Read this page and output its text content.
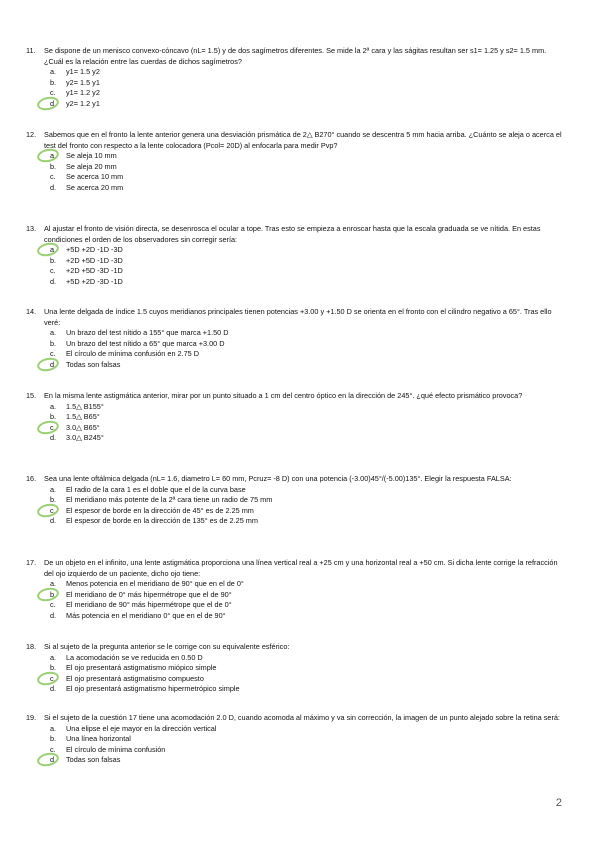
11.	Se dispone de un menisco convexo-cóncavo (nL= 1.5) y de dos sagímetros diferentes. Se mide la 2ª cara y las ságitas resultan ser s1= 1.25 y s2= 1.5 mm. ¿Cuál es la relación entre las cuerdas de dichos sagímetros?
a.	y1= 1.5 y2
b.	y2= 1.5 y1
c.	y1= 1.2 y2
d.	y2= 1.2 y1
12.	Sabemos que en el fronto la lente anterior genera una desviación prismática de 2△ B270° cuando se descentra 5 mm hacia arriba. ¿Cuánto se aleja o acerca el test del fronto con respecto a la lente colocadora (Pcol= 20D) al enfocarla para medir Pvp?
a.	Se aleja 10 mm
b.	Se aleja 20 mm
c.	Se acerca 10 mm
d.	Se acerca 20 mm
13.	Al ajustar el fronto de visión directa, se desenrosca el ocular a tope. Tras esto se empieza a enroscar hasta que la escala graduada se ve nítida. En estas condiciones el orden de los observadores sin corregir sería:
a.	+5D +2D -1D -3D
b.	+2D +5D -1D -3D
c.	+2D +5D -3D -1D
d.	+5D +2D -3D -1D
14.	Una lente delgada de índice 1.5 cuyos meridianos principales tienen potencias +3.00 y +1.50 D se orienta en el fronto con el cilindro negativo a 65°. Tras ello veré:
a.	Un brazo del test nítido a 155° que marca +1.50 D
b.	Un brazo del test nítido a 65° que marca +3.00 D
c.	El círculo de mínima confusión en 2.75 D
d.	Todas son falsas
15.	En la misma lente astigmática anterior, mirar por un punto situado a 1 cm del centro óptico en la dirección de 245°. ¿qué efecto prismático provoca?
a.	1.5△ B155°
b.	1.5△ B65°
c.	3.0△ B65°
d.	3.0△ B245°
16.	Sea una lente oftálmica delgada (nL= 1.6, diametro L= 60 mm, Pcruz= -8 D) con una potencia (-3.00)45°/(-5.00)135°. Elegir la respuesta FALSA:
a.	El radio de la cara 1 es el doble que el de la curva base
b.	El meridiano más potente de la 2ª cara tiene un radio de 75 mm
c.	El espesor de borde en la dirección de 45° es de 2.25 mm
d.	El espesor de borde en la dirección de 135° es de 2.25 mm
17.	De un objeto en el infinito, una lente astigmática proporciona una línea vertical real a +25 cm y una horizontal real a +50 cm. Si dicha lente corrige la refracción del ojo izquierdo de un paciente, dicho ojo tiene:
a.	Menos potencia en el meridiano de 90° que en el de 0°
b.	El meridiano de 0° más hipermétrope que el de 90°
c.	El meridiano de 90° más hipermétrope que el de 0°
d.	Más potencia en el meridiano 0° que en el de 90°
18.	Si al sujeto de la pregunta anterior se le corrige con su equivalente esférico:
a.	La acomodación se ve reducida en 0.50 D
b.	El ojo presentará astigmatismo miópico simple
c.	El ojo presentará astigmatismo compuesto
d.	El ojo presentará astigmatismo hipermetrópico simple
19.	Si el sujeto de la cuestión 17 tiene una acomodación 2.0 D, cuando acomoda al máximo y va sin corrección, la imagen de un punto alejado sobre la retina será:
a.	Una elipse el eje mayor en la dirección vertical
b.	Una línea horizontal
c.	El círculo de mínima confusión
d.	Todas son falsas
2
